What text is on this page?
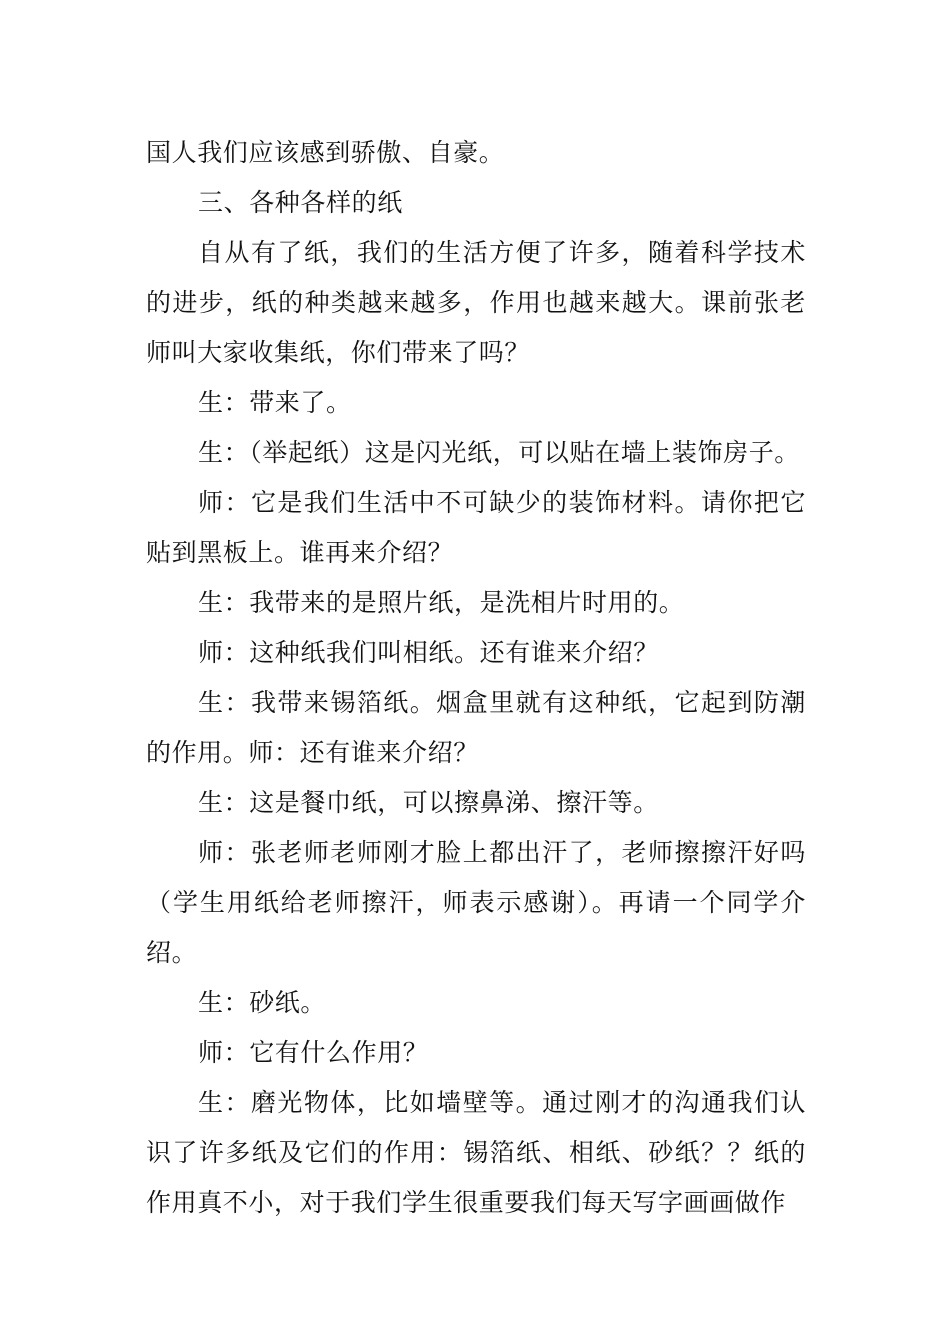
国人我们应该感到骄傲、自豪。

三、各种各样的纸

自从有了纸，我们的生活方便了许多，随着科学技术的进步，纸的种类越来越多，作用也越来越大。课前张老师叫大家收集纸，你们带来了吗？

生：带来了。

生：（举起纸）这是闪光纸，可以贴在墙上装饰房子。

师：它是我们生活中不可缺少的装饰材料。请你把它贴到黑板上。谁再来介绍？

生：我带来的是照片纸，是洗相片时用的。

师：这种纸我们叫相纸。还有谁来介绍？

生：我带来锡箔纸。烟盒里就有这种纸，它起到防潮的作用。师：还有谁来介绍？

生：这是餐巾纸，可以擦鼻涕、擦汗等。

师：张老师老师刚才脸上都出汗了，老师擦擦汗好吗（学生用纸给老师擦汗，师表示感谢）。再请一个同学介绍。

生：砂纸。

师：它有什么作用？

生：磨光物体，比如墙壁等。通过刚才的沟通我们认识了许多纸及它们的作用：锡箔纸、相纸、砂纸？？纸的作用真不小，对于我们学生很重要我们每天写字画画做作
